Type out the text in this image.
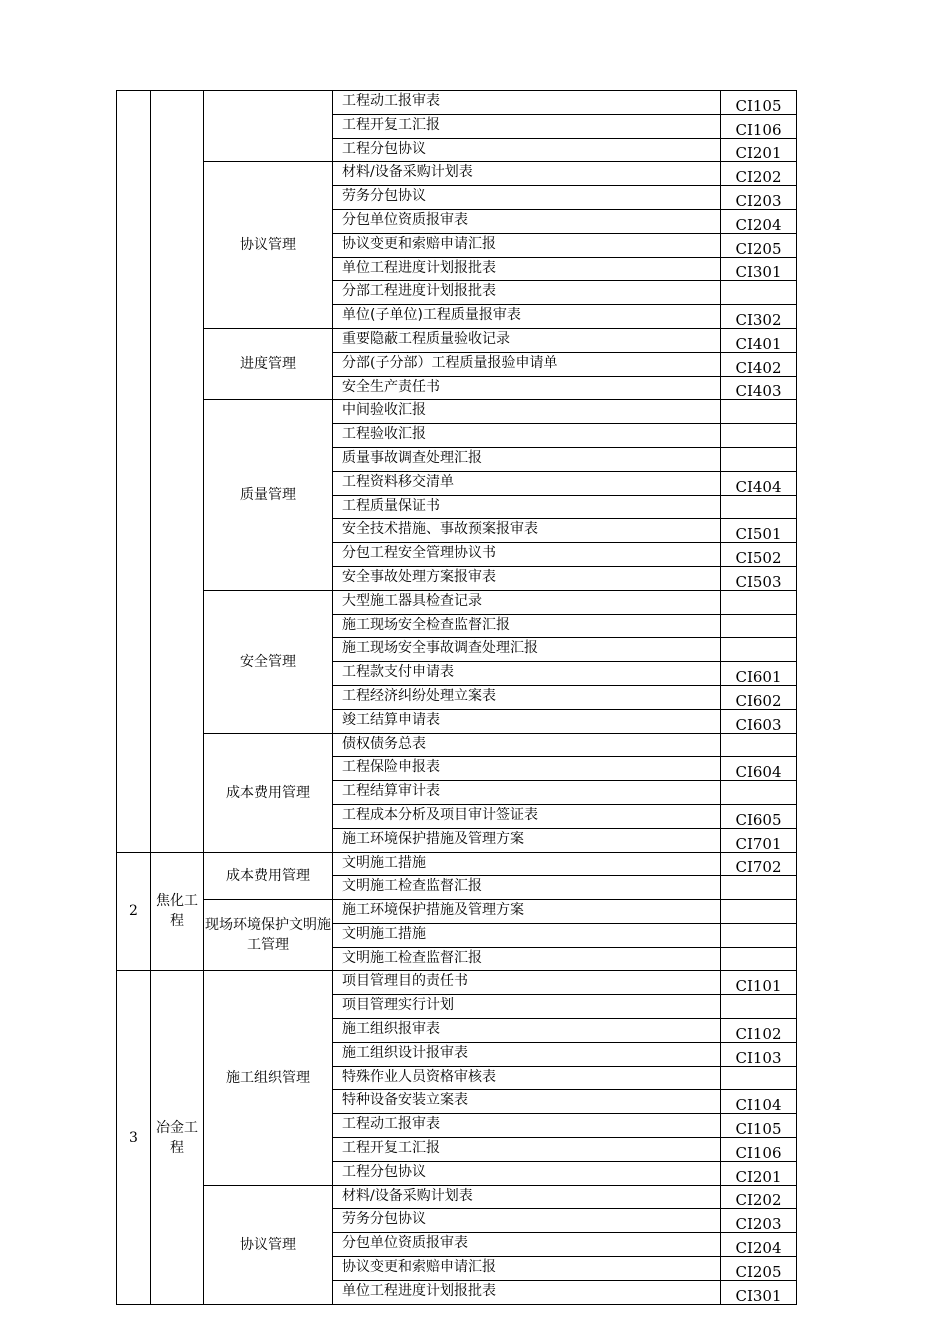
			工程动工报审表	CI105
			工程开复工汇报	CI106
			工程分包协议	CI201
		协议管理	材料/设备采购计划表	CI202
			劳务分包协议	CI203
			分包单位资质报审表	CI204
			协议变更和索赔申请汇报	CI205
			单位工程进度计划报批表	CI301
			分部工程进度计划报批表	
			单位(子单位)工程质量报审表	CI302
		进度管理	重要隐蔽工程质量验收记录	CI401
			分部(子分部）工程质量报验申请单	CI402
			安全生产责任书	CI403
		质量管理	中间验收汇报	
			工程验收汇报	
			质量事故调查处理汇报	
			工程资料移交清单	CI404
			工程质量保证书	
			安全技术措施、事故预案报审表	CI501
			分包工程安全管理协议书	CI502
			安全事故处理方案报审表	CI503
		安全管理	大型施工器具检查记录	
			施工现场安全检查监督汇报	
			施工现场安全事故调查处理汇报	
			工程款支付申请表	CI601
			工程经济纠纷处理立案表	CI602
			竣工结算申请表	CI603
		成本费用管理	债权债务总表	
			工程保险申报表	CI604
			工程结算审计表	
			工程成本分析及项目审计签证表	CI605
			施工环境保护措施及管理方案	CI701
2	焦化工程	成本费用管理	文明施工措施	CI702
			文明施工检查监督汇报	
		现场环境保护文明施工管理	施工环境保护措施及管理方案	
			文明施工措施	
			文明施工检查监督汇报	
3	冶金工程	施工组织管理	项目管理目的责任书	CI101
			项目管理实行计划	
			施工组织报审表	CI102
			施工组织设计报审表	CI103
			特殊作业人员资格审核表	
			特种设备安装立案表	CI104
			工程动工报审表	CI105
			工程开复工汇报	CI106
			工程分包协议	CI201
		协议管理	材料/设备采购计划表	CI202
			劳务分包协议	CI203
			分包单位资质报审表	CI204
			协议变更和索赔申请汇报	CI205
			单位工程进度计划报批表	CI301
